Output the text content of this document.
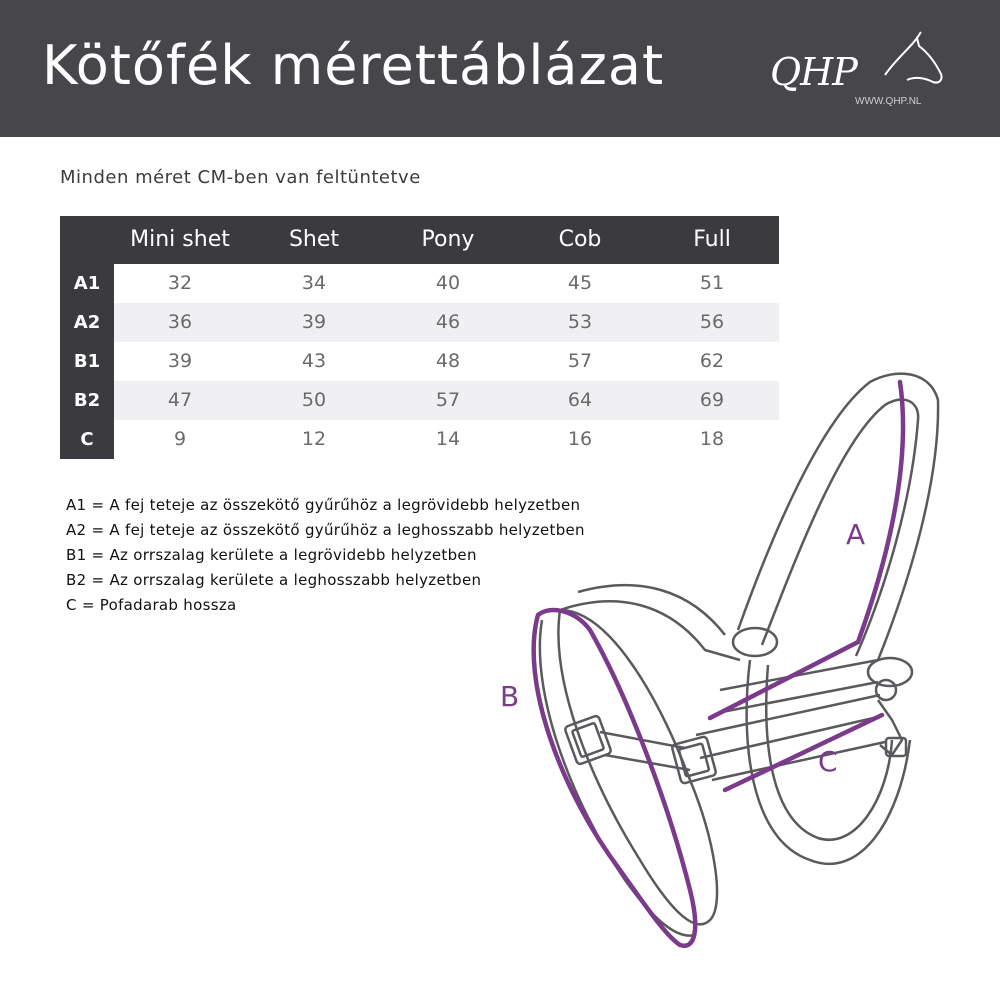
Kötőfék mérettáblázat	QHP
WWW.QHP.NL
Minden méret CM-ben van feltüntetve
Mini shet	Shet	Pony	Cob	Full
A1	32	34	40	45	51
A2	36	39	46	53	56
B1	39	43	48	57	62
B2	47	50	57	64	69
C	9	12	14	16	18
A1 = A fej teteje az összekötő gyűrűhöz a legrövidebb helyzetben
A2 = A fej teteje az összekötő gyűrűhöz a leghosszabb helyzetben
B1 = Az orrszalag kerülete a legrövidebb helyzetben
B2 = Az orrszalag kerülete a leghosszabb helyzetben
C = Pofadarab hossza
A
B
C
